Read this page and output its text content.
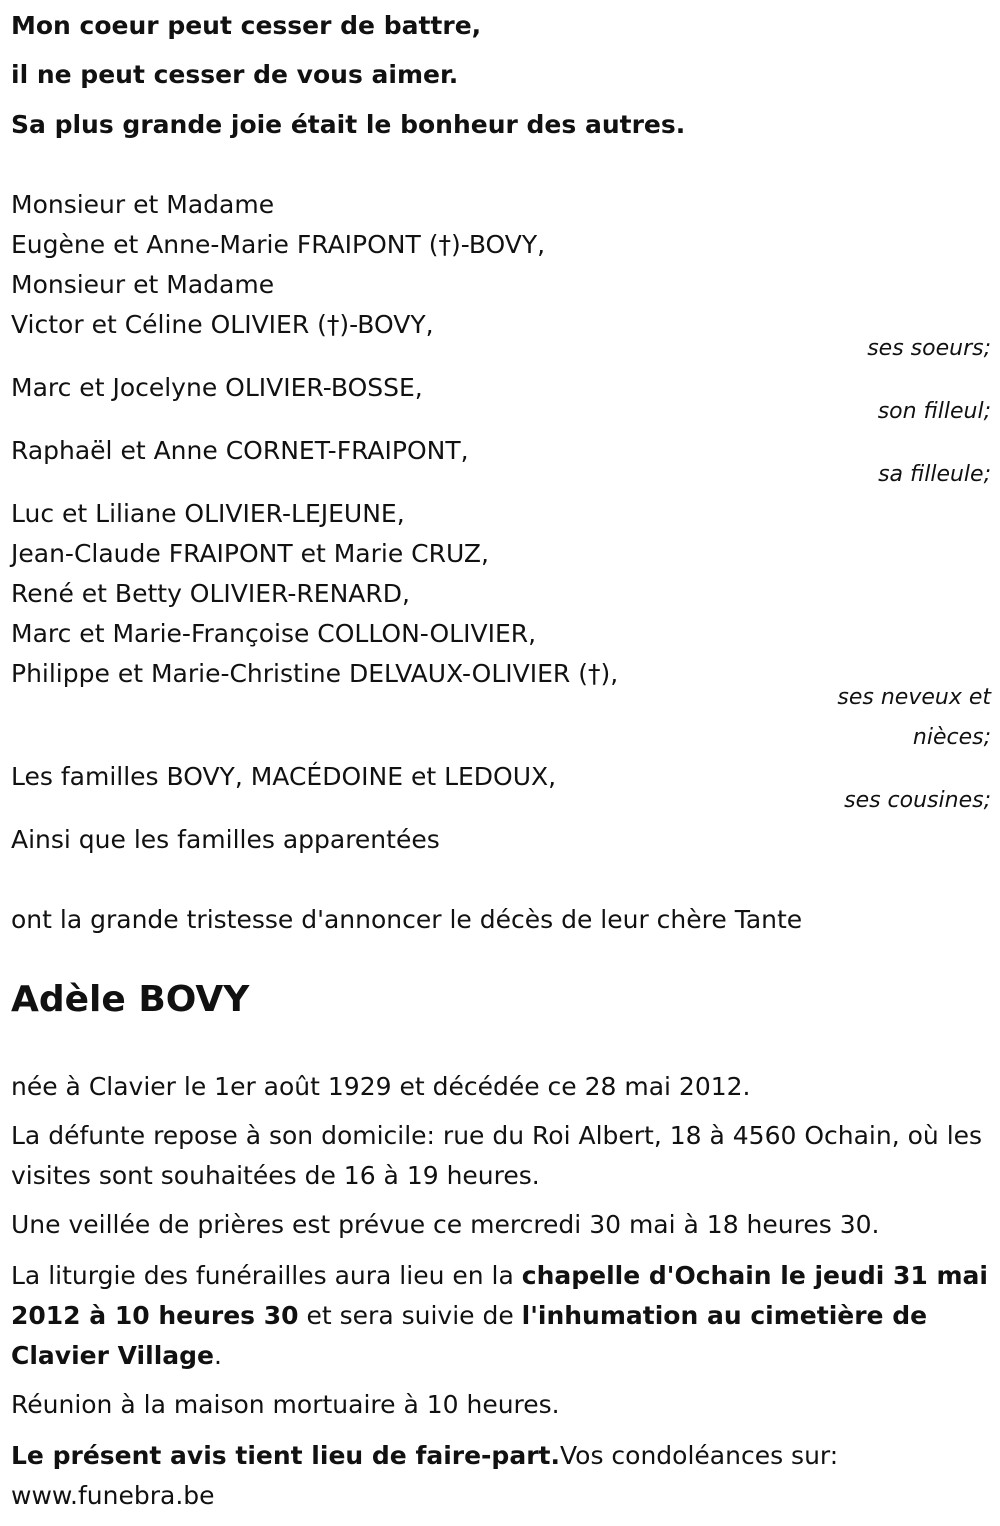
Mon coeur peut cesser de battre,
il ne peut cesser de vous aimer.
Sa plus grande joie était le bonheur des autres.
Monsieur et Madame
Eugène et Anne-Marie FRAIPONT (†)-BOVY,
Monsieur et Madame
Victor et Céline OLIVIER (†)-BOVY,
ses soeurs;
Marc et Jocelyne OLIVIER-BOSSE,
son filleul;
Raphaël et Anne CORNET-FRAIPONT,
sa filleule;
Luc et Liliane OLIVIER-LEJEUNE,
Jean-Claude FRAIPONT et Marie CRUZ,
René et Betty OLIVIER-RENARD,
Marc et Marie-Françoise COLLON-OLIVIER,
Philippe et Marie-Christine DELVAUX-OLIVIER (†),
ses neveux et
nièces;
Les familles BOVY, MACÉDOINE et LEDOUX,
ses cousines;
Ainsi que les familles apparentées
ont la grande tristesse d'annoncer le décès de leur chère Tante
Adèle BOVY
née à Clavier le 1er août 1929 et décédée ce 28 mai 2012.
La défunte repose à son domicile: rue du Roi Albert, 18 à 4560 Ochain, où les visites sont souhaitées de 16 à 19 heures.
Une veillée de prières est prévue ce mercredi 30 mai à 18 heures 30.
La liturgie des funérailles aura lieu en la chapelle d'Ochain le jeudi 31 mai 2012 à 10 heures 30 et sera suivie de l'inhumation au cimetière de Clavier Village.
Réunion à la maison mortuaire à 10 heures.
Le présent avis tient lieu de faire-part.Vos condoléances sur: www.funebra.be
